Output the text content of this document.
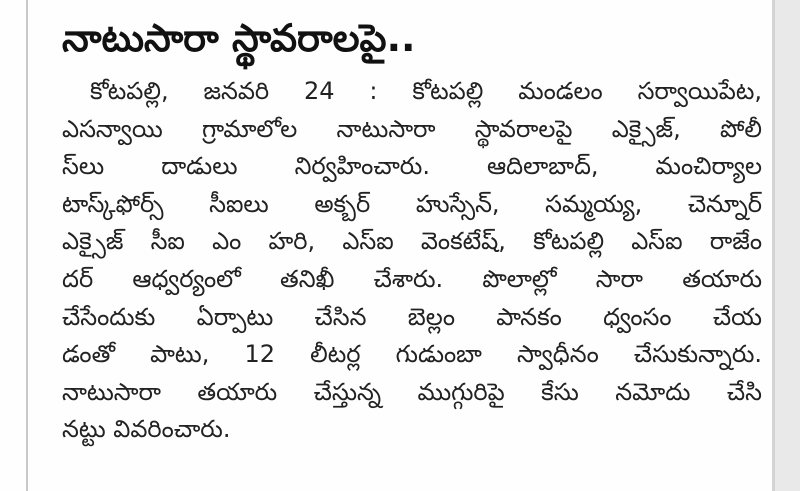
నాటుసారా స్థావరాలపై..
కోటపల్లి, జనవరి 24 : కోటపల్లి మండలం సర్వాయిపేట,
ఎసన్వాయి గ్రామాలోల నాటుసారా స్థావరాలపై ఎక్సైజ్, పోలీ
స్‌లు దాడులు నిర్వహించారు. ఆదిలాబాద్, మంచిర్యాల
టాస్క్‌ఫోర్స్ సీఐలు అక్బర్ హుస్సేన్, సమ్మయ్య, చెన్నూర్
ఎక్సైజ్ సీఐ ఎం హరి, ఎస్ఐ వెంకటేష్, కోటపల్లి ఎస్ఐ రాజేం
దర్ ఆధ్వర్యంలో తనిఖీ చేశారు. పొలాల్లో సారా తయారు
చేసేందుకు ఏర్పాటు చేసిన బెల్లం పానకం ధ్వంసం చేయ
డంతో పాటు, 12 లీటర్ల గుడుంబా స్వాధీనం చేసుకున్నారు.
నాటుసారా తయారు చేస్తున్న ముగ్గురిపై కేసు నమోదు చేసి
నట్టు వివరించారు.
